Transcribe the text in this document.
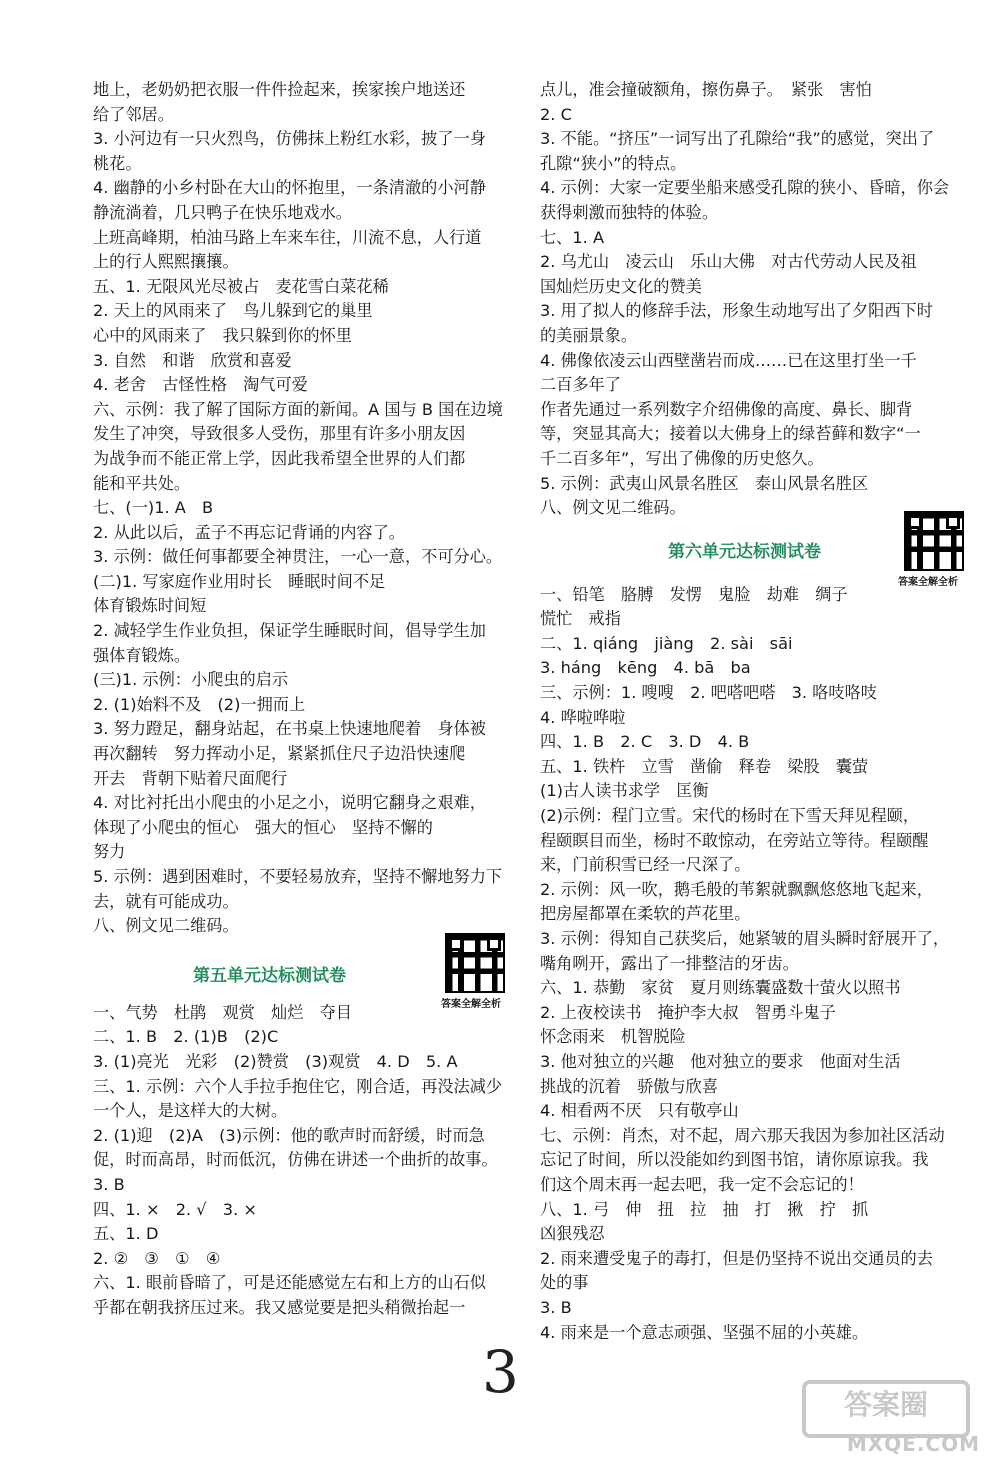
地上，老奶奶把衣服一件件捡起来，挨家挨户地送还
给了邻居。
3. 小河边有一只火烈鸟，仿佛抹上粉红水彩，披了一身
桃花。
4. 幽静的小乡村卧在大山的怀抱里，一条清澈的小河静
静流淌着，几只鸭子在快乐地戏水。
上班高峰期，柏油马路上车来车往，川流不息，人行道
上的行人熙熙攘攘。
五、1. 无限风光尽被占　麦花雪白菜花稀
2. 天上的风雨来了　鸟儿躲到它的巢里
心中的风雨来了　我只躲到你的怀里
3. 自然　和谐　欣赏和喜爱
4. 老舍　古怪性格　淘气可爱
六、示例：我了解了国际方面的新闻。A 国与 B 国在边境
发生了冲突，导致很多人受伤，那里有许多小朋友因
为战争而不能正常上学，因此我希望全世界的人们都
能和平共处。
七、(一)1. A　B
2. 从此以后，孟子不再忘记背诵的内容了。
3. 示例：做任何事都要全神贯注，一心一意，不可分心。
(二)1. 写家庭作业用时长　睡眠时间不足
体育锻炼时间短
2. 减轻学生作业负担，保证学生睡眠时间，倡导学生加
强体育锻炼。
(三)1. 示例：小爬虫的启示
2. (1)始料不及　(2)一拥而上
3. 努力蹬足，翻身站起，在书桌上快速地爬着　身体被
再次翻转　努力挥动小足，紧紧抓住尺子边沿快速爬
开去　背朝下贴着尺面爬行
4. 对比衬托出小爬虫的小足之小，说明它翻身之艰难，
体现了小爬虫的恒心　强大的恒心　坚持不懈的
努力
5. 示例：遇到困难时，不要轻易放弃，坚持不懈地努力下
去，就有可能成功。
八、例文见二维码。
第五单元达标测试卷
答案全解全析
一、气势　杜鹃　观赏　灿烂　夺目
二、1. B　2. (1)B　(2)C
3. (1)亮光　光彩　(2)赞赏　(3)观赏　4. D　5. A
三、1. 示例：六个人手拉手抱住它，刚合适，再没法减少
一个人，是这样大的大树。
2. (1)迎　(2)A　(3)示例：他的歌声时而舒缓，时而急
促，时而高昂，时而低沉，仿佛在讲述一个曲折的故事。
3. B
四、1. ×　2. √　3. ×
五、1. D
2. ②　③　①　④
六、1. 眼前昏暗了，可是还能感觉左右和上方的山石似
乎都在朝我挤压过来。我又感觉要是把头稍微抬起一
点儿，准会撞破额角，擦伤鼻子。　紧张　害怕
2. C
3. 不能。“挤压”一词写出了孔隙给“我”的感觉，突出了
孔隙“狭小”的特点。
4. 示例：大家一定要坐船来感受孔隙的狭小、昏暗，你会
获得刺激而独特的体验。
七、1. A
2. 乌尤山　凌云山　乐山大佛　对古代劳动人民及祖
国灿烂历史文化的赞美
3. 用了拟人的修辞手法，形象生动地写出了夕阳西下时
的美丽景象。
4. 佛像依凌云山西壁凿岩而成……已在这里打坐一千
二百多年了
作者先通过一系列数字介绍佛像的高度、鼻长、脚背
等，突显其高大；接着以大佛身上的绿苔藓和数字“一
千二百多年”，写出了佛像的历史悠久。
5. 示例：武夷山风景名胜区　泰山风景名胜区
八、例文见二维码。
第六单元达标测试卷
答案全解全析
一、铅笔　胳膊　发愣　鬼脸　劫难　绸子
慌忙　戒指
二、1. qiáng　jiàng　2. sài　sāi
3. háng　kēng　4. bā　ba
三、示例：1. 嗖嗖　2. 吧嗒吧嗒　3. 咯吱咯吱
4. 哗啦哗啦
四、1. B　2. C　3. D　4. B
五、1. 铁杵　立雪　凿偷　释卷　梁股　囊萤
(1)古人读书求学　匡衡
(2)示例：程门立雪。宋代的杨时在下雪天拜见程颐，
程颐瞑目而坐，杨时不敢惊动，在旁站立等待。程颐醒
来，门前积雪已经一尺深了。
2. 示例：风一吹，鹅毛般的苇絮就飘飘悠悠地飞起来，
把房屋都罩在柔软的芦花里。
3. 示例：得知自己获奖后，她紧皱的眉头瞬时舒展开了，
嘴角咧开，露出了一排整洁的牙齿。
六、1. 恭勤　家贫　夏月则练囊盛数十萤火以照书
2. 上夜校读书　掩护李大叔　智勇斗鬼子
怀念雨来　机智脱险
3. 他对独立的兴趣　他对独立的要求　他面对生活
挑战的沉着　骄傲与欣喜
4. 相看两不厌　只有敬亭山
七、示例：肖杰，对不起，周六那天我因为参加社区活动
忘记了时间，所以没能如约到图书馆，请你原谅我。我
们这个周末再一起去吧，我一定不会忘记的！
八、1. 弓　伸　扭　拉　抽　打　揪　拧　抓
凶狠残忍
2. 雨来遭受鬼子的毒打，但是仍坚持不说出交通员的去
处的事
3. B
4. 雨来是一个意志顽强、坚强不屈的小英雄。
3	答案圈
MXQE.COM
